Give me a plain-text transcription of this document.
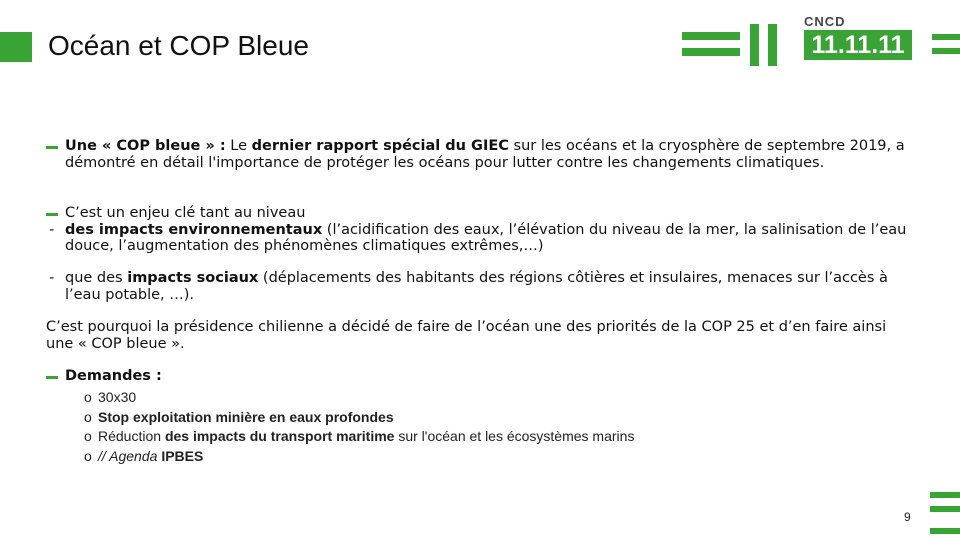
Océan et COP Bleue
CNCD
11.11.11
Une « COP bleue » : Le dernier rapport spécial du GIEC sur les océans et la cryosphère de septembre 2019, a démontré en détail l'importance de protéger les océans pour lutter contre les changements climatiques.
C’est un enjeu clé tant au niveau
- des impacts environnementaux (l’acidification des eaux, l’élévation du niveau de la mer, la salinisation de l’eau douce, l’augmentation des phénomènes climatiques extrêmes,…)
- que des impacts sociaux (déplacements des habitants des régions côtières et insulaires, menaces sur l’accès à l’eau potable, …).
C’est pourquoi la présidence chilienne a décidé de faire de l’océan une des priorités de la COP 25 et d’en faire ainsi une « COP bleue ».
Demandes :
o 30x30
o Stop exploitation minière en eaux profondes
o Réduction des impacts du transport maritime sur l'océan et les écosystèmes marins
o // Agenda IPBES
9
